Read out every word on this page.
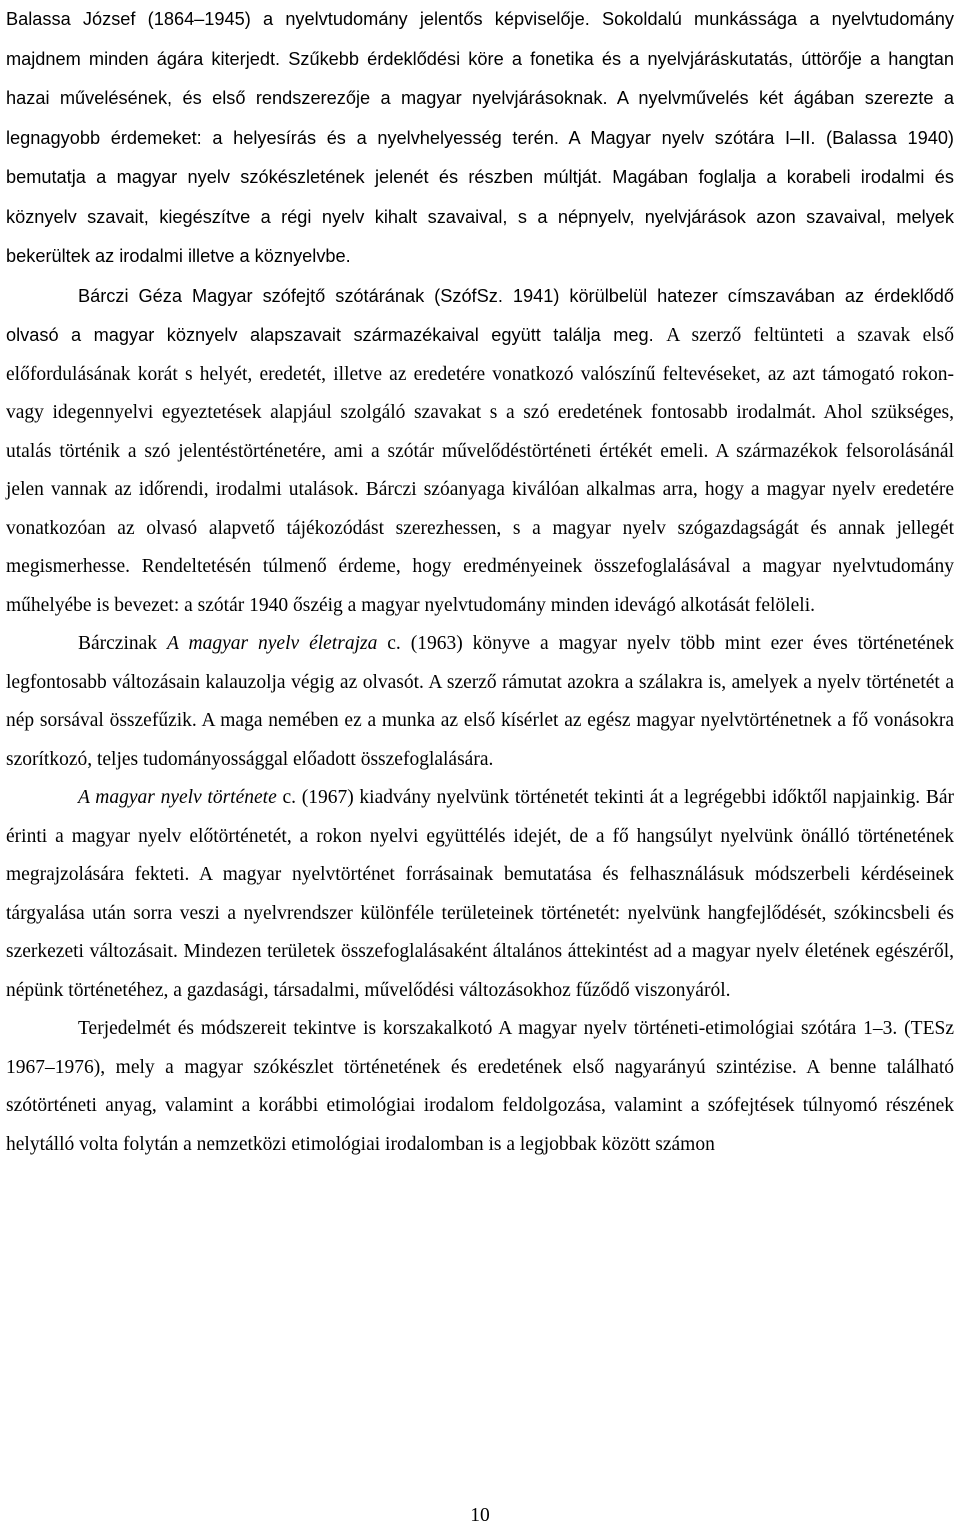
Balassa József (1864–1945) a nyelvtudomány jelentős képviselője. Sokoldalú munkássága a nyelvtudomány majdnem minden ágára kiterjedt. Szűkebb érdeklődési köre a fonetika és a nyelvjáráskutatás, úttörője a hangtan hazai művelésének, és első rendszerezője a magyar nyelvjárásoknak. A nyelvművelés két ágában szerezte a legnagyobb érdemeket: a helyesírás és a nyelvhelyesség terén. A Magyar nyelv szótára I–II. (Balassa 1940) bemutatja a magyar nyelv szókészletének jelenét és részben múltját. Magában foglalja a korabeli irodalmi és köznyelv szavait, kiegészítve a régi nyelv kihalt szavaival, s a népnyelv, nyelvjárások azon szavaival, melyek bekerültek az irodalmi illetve a köznyelvbe.

Bárczi Géza Magyar szófejtő szótárának (SzófSz. 1941) körülbelül hatezer címszavában az érdeklődő olvasó a magyar köznyelv alapszavait származékaival együtt találja meg. A szerző feltünteti a szavak első előfordulásának korát s helyét, eredetét, illetve az eredetére vonatkozó valószínű feltevéseket, az azt támogató rokon- vagy idegennyelvi egyeztetések alapjául szolgáló szavakat s a szó eredetének fontosabb irodalmát. Ahol szükséges, utalás történik a szó jelentéstörténetére, ami a szótár művelődéstörténeti értékét emeli. A származékok felsorolásánál jelen vannak az időrendi, irodalmi utalások. Bárczi szóanyaga kiválóan alkalmas arra, hogy a magyar nyelv eredetére vonatkozóan az olvasó alapvető tájékozódást szerezhessen, s a magyar nyelv szógazdagságát és annak jellegét megismerhesse. Rendeltetésén túlmenő érdeme, hogy eredményeinek összefoglalásával a magyar nyelvtudomány műhelyébe is bevezet: a szótár 1940 őszéig a magyar nyelvtudomány minden idevágó alkotását felöleli.

Bárczinak A magyar nyelv életrajza c. (1963) könyve a magyar nyelv több mint ezer éves történetének legfontosabb változásain kalauzolja végig az olvasót. A szerző rámutat azokra a szálakra is, amelyek a nyelv történetét a nép sorsával összefűzik. A maga nemében ez a munka az első kísérlet az egész magyar nyelvtörténetnek a fő vonásokra szorítkozó, teljes tudományossággal előadott összefoglalására.

A magyar nyelv története c. (1967) kiadvány nyelvünk történetét tekinti át a legrégebbi időktől napjainkig. Bár érinti a magyar nyelv előtörténetét, a rokon nyelvi együttélés idejét, de a fő hangsúlyt nyelvünk önálló történetének megrajzolására fekteti. A magyar nyelvtörténet forrásainak bemutatása és felhasználásuk módszerbeli kérdéseinek tárgyalása után sorra veszi a nyelvrendszer különféle területeinek történetét: nyelvünk hangfejlődését, szókincsbeli és szerkezeti változásait. Mindezen területek összefoglalásaként általános áttekintést ad a magyar nyelv életének egészéről, népünk történetéhez, a gazdasági, társadalmi, művelődési változásokhoz fűződő viszonyáról.

Terjedelmét és módszereit tekintve is korszakalkotó A magyar nyelv történeti-etimológiai szótára 1–3. (TESz 1967–1976), mely a magyar szókészlet történetének és eredetének első nagyarányú szintézise. A benne található szótörténeti anyag, valamint a korábbi etimológiai irodalom feldolgozása, valamint a szófejtések túlnyomó részének helytálló volta folytán a nemzetközi etimológiai irodalomban is a legjobbak között számon

10
